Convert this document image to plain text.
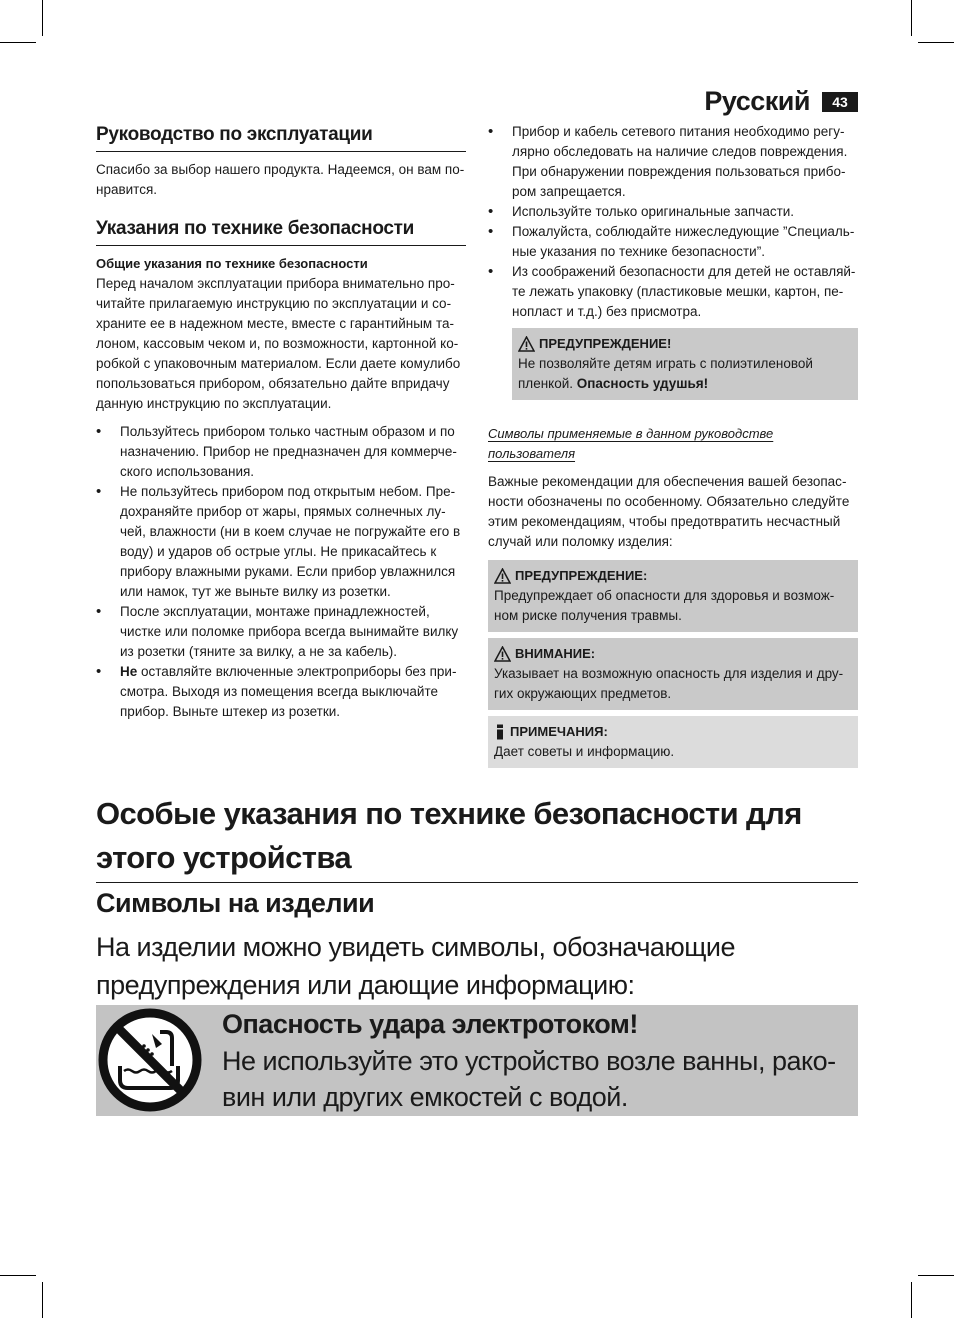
Русский	43
Руководство по эксплуатации

Спасибо за выбор нашего продукта. Надеемся, он вам понравится.

Указания по технике безопасности
Общие указания по технике безопасности

Перед началом эксплуатации прибора внимательно прочитайте прилагаемую инструкцию по эксплуатации и сохраните ее в надежном месте, вместе с гарантийным талоном, кассовым чеком и, по возможности, картонной коробкой с упаковочным материалом. Если даете комулибо попользоваться прибором, обязательно дайте впридачу данную инструкцию по эксплуатации.

• Пользуйтесь прибором только частным образом и по назначению. Прибор не предназначен для коммерческого использования.
• Не пользуйтесь прибором под открытым небом. Предохраняйте прибор от жары, прямых солнечных лучей, влажности (ни в коем случае не погружайте его в воду) и ударов об острые углы. Не прикасайтесь к прибору влажными руками. Если прибор увлажнился или намок, тут же выньте вилку из розетки.
• После эксплуатации, монтаже принадлежностей, чистке или поломке прибора всегда вынимайте вилку из розетки (тяните за вилку, а не за кабель).
• Не оставляйте включенные электроприборы без присмотра. Выходя из помещения всегда выключайте прибор. Выньте штекер из розетки.
• Прибор и кабель сетевого питания необходимо регулярно обследовать на наличие следов повреждения. При обнаружении повреждения пользоваться прибором запрещается.
• Используйте только оригинальные запчасти.
• Пожалуйста, соблюдайте нижеследующие ”Специальные указания по технике безопасности”.
• Из соображений безопасности для детей не оставляйте лежать упаковку (пластиковые мешки, картон, пенопласт и т.д.) без присмотра.
ПРЕДУПРЕЖДЕНИЕ!
Не позволяйте детям играть с полиэтиленовой пленкой. Опасность удушья!
Символы применяемые в данном руководстве пользователя

Важные рекомендации для обеспечения вашей безопасности обозначены по особенному. Обязательно следуйте этим рекомендациям, чтобы предотвратить несчастный случай или поломку изделия:

ПРЕДУПРЕЖДЕНИЕ:
Предупреждает об опасности для здоровья и возможном риске получения травмы.
ВНИМАНИЕ:
Указывает на возможную опасность для изделия и других окружающих предметов.
ПРИМЕЧАНИЯ:
Дает советы и информацию.
Особые указания по технике безопасности для этого устройства
Символы на изделии
На изделии можно увидеть символы, обозначающие предупреждения или дающие информацию:
Опасность удара электротоком!
Не используйте это устройство возле ванны, раковин или других емкостей с водой.
